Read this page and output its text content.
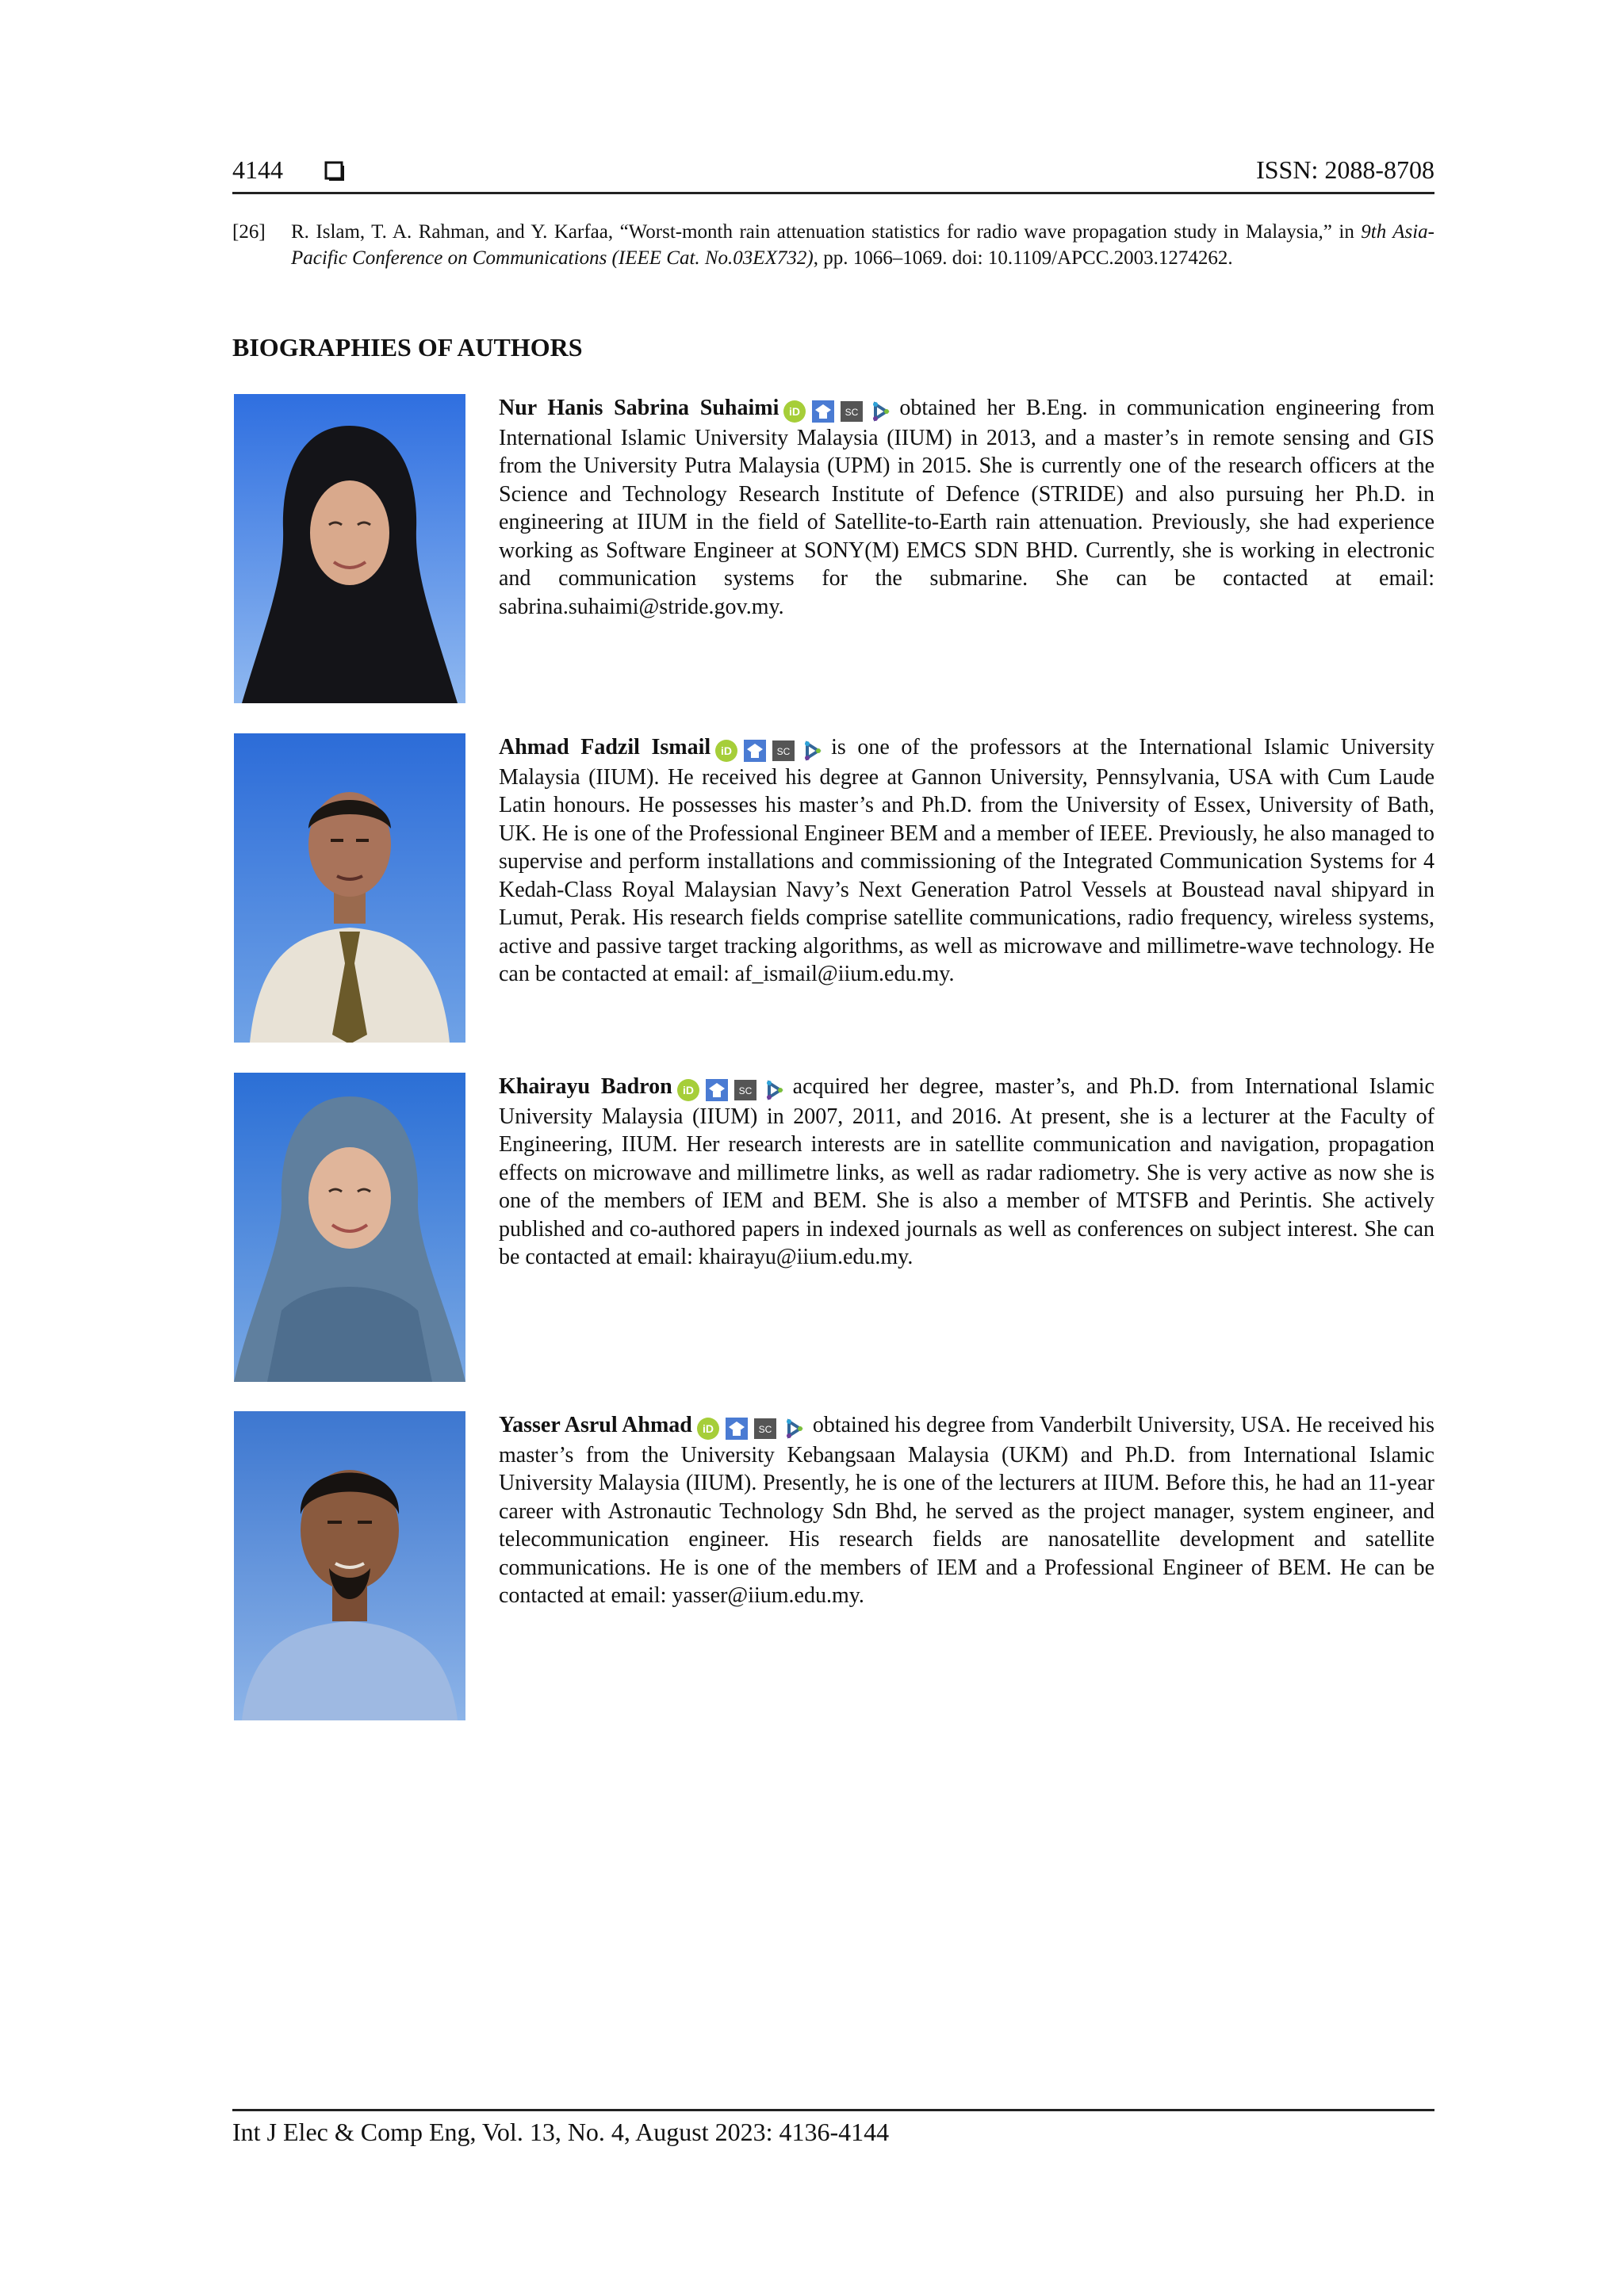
4144	ISSN: 2088-8708
[26] R. Islam, T. A. Rahman, and Y. Karfaa, “Worst-month rain attenuation statistics for radio wave propagation study in Malaysia,” in 9th Asia-Pacific Conference on Communications (IEEE Cat. No.03EX732), pp. 1066–1069. doi: 10.1109/APCC.2003.1274262.
BIOGRAPHIES OF AUTHORS
Nur Hanis Sabrina Suhaimi iD	SC obtained her B.Eng. in communication engineering from International Islamic University Malaysia (IIUM) in 2013, and a master’s in remote sensing and GIS from the University Putra Malaysia (UPM) in 2015. She is currently one of the research officers at the Science and Technology Research Institute of Defence (STRIDE) and also pursuing her Ph.D. in engineering at IIUM in the field of Satellite-to-Earth rain attenuation. Previously, she had experience working as Software Engineer at SONY(M) EMCS SDN BHD. Currently, she is working in electronic and communication systems for the submarine. She can be contacted at email: sabrina.suhaimi@stride.gov.my.
Ahmad Fadzil Ismail iD	SC is one of the professors at the International Islamic University Malaysia (IIUM). He received his degree at Gannon University, Pennsylvania, USA with Cum Laude Latin honours. He possesses his master’s and Ph.D. from the University of Essex, University of Bath, UK. He is one of the Professional Engineer BEM and a member of IEEE. Previously, he also managed to supervise and perform installations and commissioning of the Integrated Communication Systems for 4 Kedah-Class Royal Malaysian Navy’s Next Generation Patrol Vessels at Boustead naval shipyard in Lumut, Perak. His research fields comprise satellite communications, radio frequency, wireless systems, active and passive target tracking algorithms, as well as microwave and millimetre-wave technology. He can be contacted at email: af_ismail@iium.edu.my.
Khairayu Badron iD	SC acquired her degree, master’s, and Ph.D. from International Islamic University Malaysia (IIUM) in 2007, 2011, and 2016. At present, she is a lecturer at the Faculty of Engineering, IIUM. Her research interests are in satellite communication and navigation, propagation effects on microwave and millimetre links, as well as radar radiometry. She is very active as now she is one of the members of IEM and BEM. She is also a member of MTSFB and Perintis. She actively published and co-authored papers in indexed journals as well as conferences on subject interest. She can be contacted at email: khairayu@iium.edu.my.
Yasser Asrul Ahmad iD	SC obtained his degree from Vanderbilt University, USA. He received his master’s from the University Kebangsaan Malaysia (UKM) and Ph.D. from International Islamic University Malaysia (IIUM). Presently, he is one of the lecturers at IIUM. Before this, he had an 11-year career with Astronautic Technology Sdn Bhd, he served as the project manager, system engineer, and telecommunication engineer. His research fields are nanosatellite development and satellite communications. He is one of the members of IEM and a Professional Engineer of BEM. He can be contacted at email: yasser@iium.edu.my.
Int J Elec & Comp Eng, Vol. 13, No. 4, August 2023: 4136-4144
